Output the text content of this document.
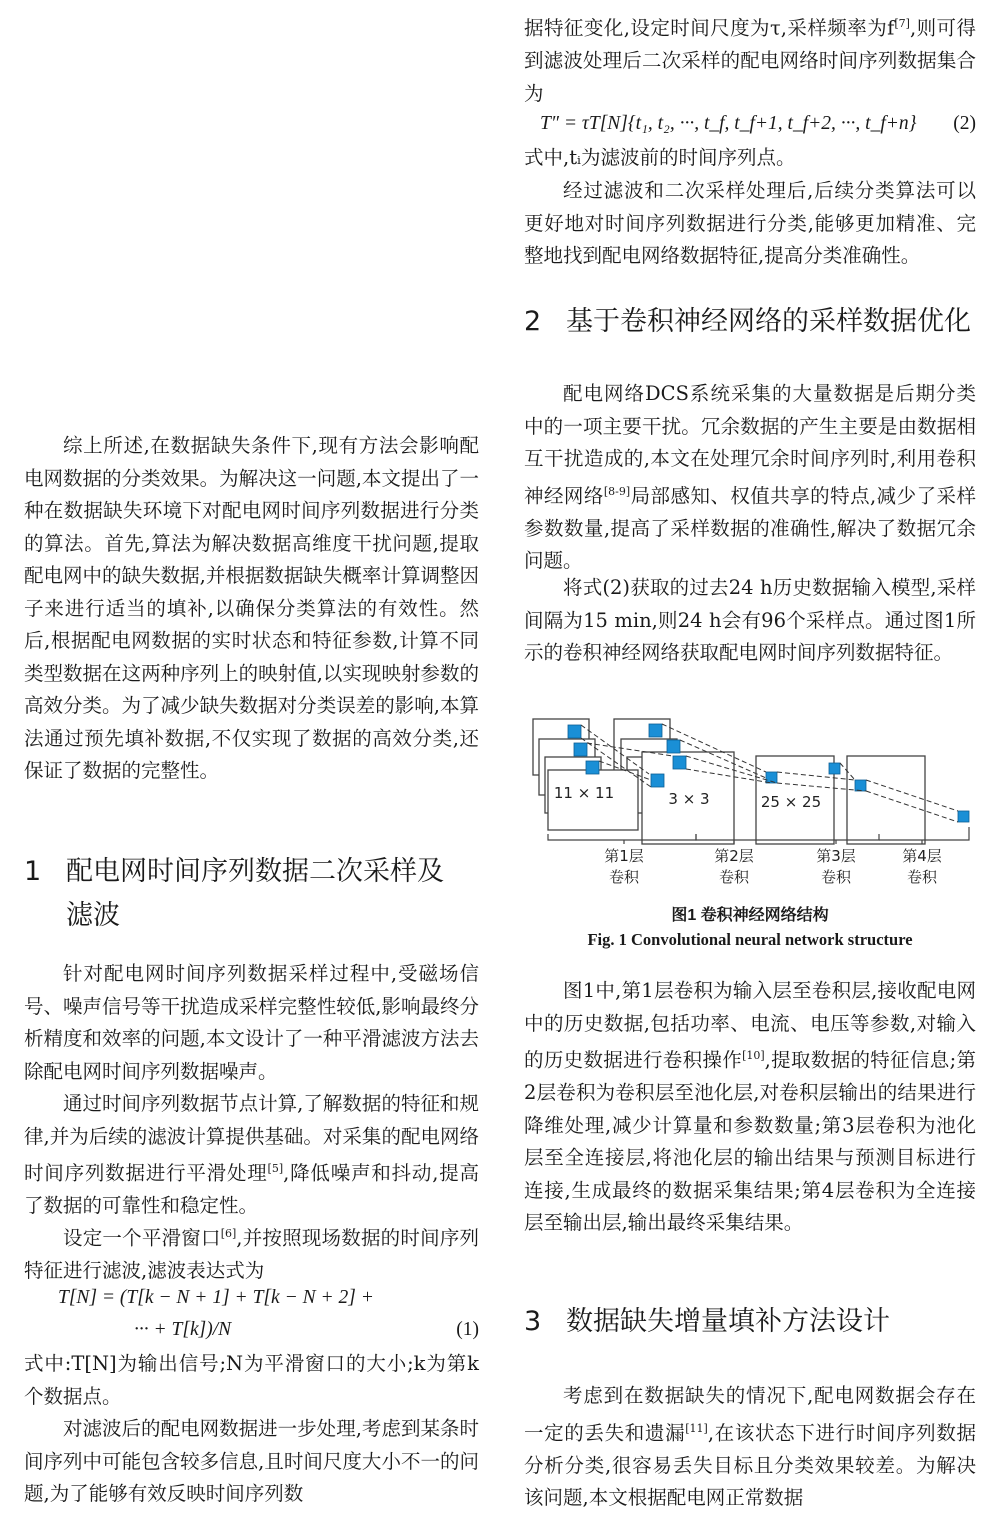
综上所述,在数据缺失条件下,现有方法会影响配电网数据的分类效果。为解决这一问题,本文提出了一种在数据缺失环境下对配电网时间序列数据进行分类的算法。首先,算法为解决数据高维度干扰问题,提取配电网中的缺失数据,并根据数据缺失概率计算调整因子来进行适当的填补,以确保分类算法的有效性。然后,根据配电网数据的实时状态和特征参数,计算不同类型数据在这两种序列上的映射值,以实现映射参数的高效分类。为了减少缺失数据对分类误差的影响,本算法通过预先填补数据,不仅实现了数据的高效分类,还保证了数据的完整性。

1 配电网时间序列数据二次采样及
滤波

针对配电网时间序列数据采样过程中,受磁场信号、噪声信号等干扰造成采样完整性较低,影响最终分析精度和效率的问题,本文设计了一种平滑滤波方法去除配电网时间序列数据噪声。

通过时间序列数据节点计算,了解数据的特征和规律,并为后续的滤波计算提供基础。对采集的配电网络时间序列数据进行平滑处理[5],降低噪声和抖动,提高了数据的可靠性和稳定性。

设定一个平滑窗口[6],并按照现场数据的时间序列特征进行滤波,滤波表达式为

T[N] = (T[k − N + 1] + T[k − N + 2] +
··· + T[k])/N	(1)

式中:T[N]为输出信号;N为平滑窗口的大小;k为第k个数据点。

对滤波后的配电网数据进一步处理,考虑到某条时间序列中可能包含较多信息,且时间尺度大小不一的问题,为了能够有效反映时间序列数

据特征变化,设定时间尺度为τ,采样频率为f[7],则可得到滤波处理后二次采样的配电网络时间序列数据集合为

T″ = τT[N]{t₁, t₂, ···, t_f, t_f+1, t_f+2, ···, t_f+n} (2)

式中,tᵢ为滤波前的时间序列点。

经过滤波和二次采样处理后,后续分类算法可以更好地对时间序列数据进行分类,能够更加精准、完整地找到配电网络数据特征,提高分类准确性。

2 基于卷积神经网络的采样数据优化

配电网络DCS系统采集的大量数据是后期分类中的一项主要干扰。冗余数据的产生主要是由数据相互干扰造成的,本文在处理冗余时间序列时,利用卷积神经网络[8-9]局部感知、权值共享的特点,减少了采样参数数量,提高了采样数据的准确性,解决了数据冗余问题。

将式(2)获取的过去24 h历史数据输入模型,采样间隔为15 min,则24 h会有96个采样点。通过图1所示的卷积神经网络获取配电网时间序列数据特征。

图1 卷积神经网络结构

Fig. 1 Convolutional neural network structure

图1中,第1层卷积为输入层至卷积层,接收配电网中的历史数据,包括功率、电流、电压等参数,对输入的历史数据进行卷积操作[10],提取数据的特征信息;第2层卷积为卷积层至池化层,对卷积层输出的结果进行降维处理,减少计算量和参数数量;第3层卷积为池化层至全连接层,将池化层的输出结果与预测目标进行连接,生成最终的数据采集结果;第4层卷积为全连接层至输出层,输出最终采集结果。

3 数据缺失增量填补方法设计

考虑到在数据缺失的情况下,配电网数据会存在一定的丢失和遗漏[11],在该状态下进行时间序列数据分析分类,很容易丢失目标且分类效果较差。为解决该问题,本文根据配电网正常数据

11 × 11	3 × 3	25 × 25
第1层
卷积
第2层
卷积
第3层
卷积
第4层
卷积
